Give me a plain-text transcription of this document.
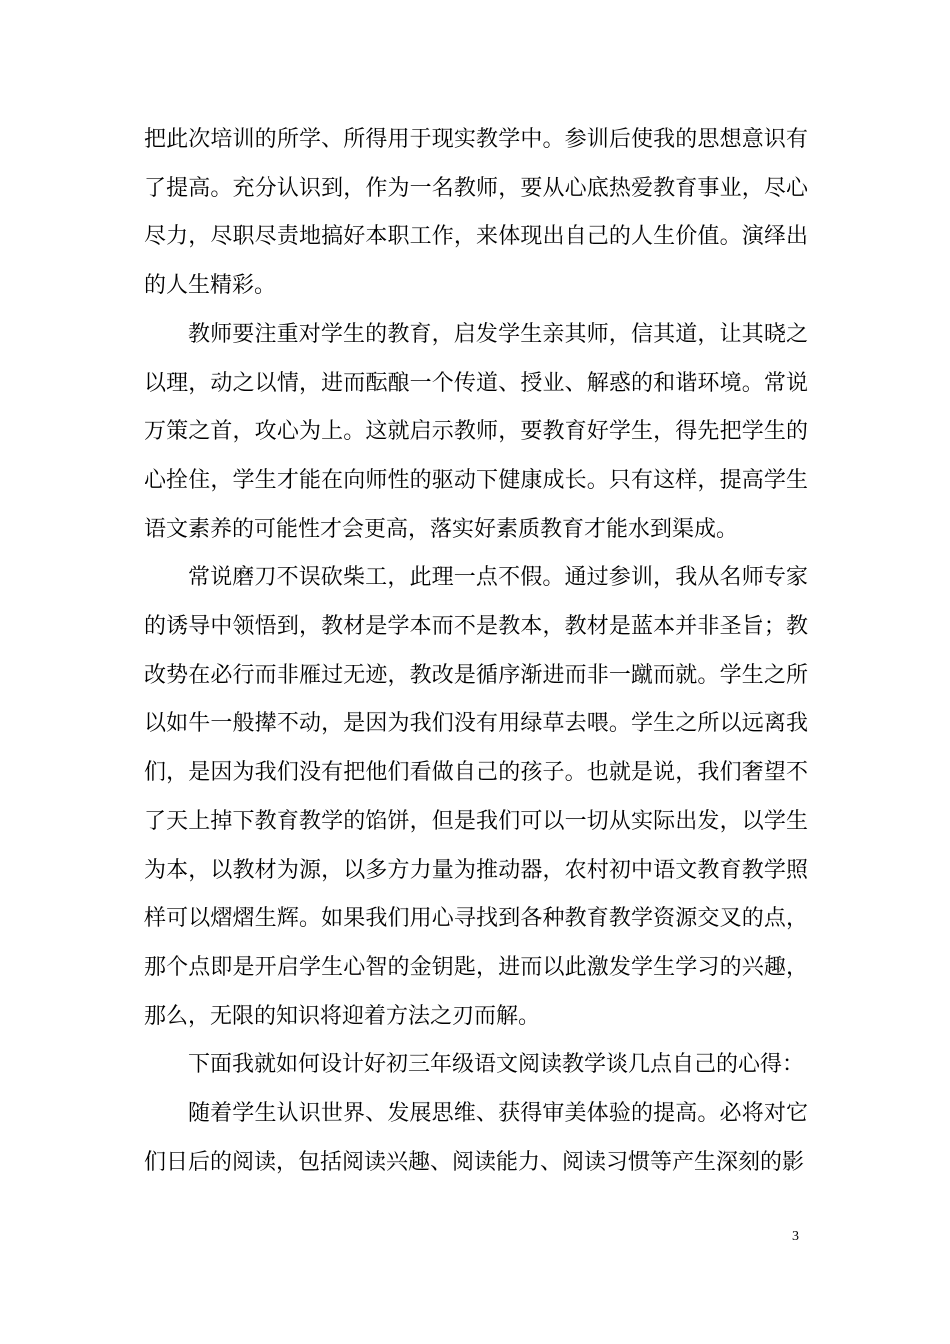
把此次培训的所学、所得用于现实教学中。参训后使我的思想意识有了提高。充分认识到，作为一名教师，要从心底热爱教育事业，尽心尽力，尽职尽责地搞好本职工作，来体现出自己的人生价值。演绎出的人生精彩。

教师要注重对学生的教育，启发学生亲其师，信其道，让其晓之以理，动之以情，进而酝酿一个传道、授业、解惑的和谐环境。常说万策之首，攻心为上。这就启示教师，要教育好学生，得先把学生的心拴住，学生才能在向师性的驱动下健康成长。只有这样，提高学生语文素养的可能性才会更高，落实好素质教育才能水到渠成。

常说磨刀不误砍柴工，此理一点不假。通过参训，我从名师专家的诱导中领悟到，教材是学本而不是教本，教材是蓝本并非圣旨；教改势在必行而非雁过无迹，教改是循序渐进而非一蹴而就。学生之所以如牛一般撵不动，是因为我们没有用绿草去喂。学生之所以远离我们，是因为我们没有把他们看做自己的孩子。也就是说，我们奢望不了天上掉下教育教学的馅饼，但是我们可以一切从实际出发，以学生为本，以教材为源，以多方力量为推动器，农村初中语文教育教学照样可以熠熠生辉。如果我们用心寻找到各种教育教学资源交叉的点，那个点即是开启学生心智的金钥匙，进而以此激发学生学习的兴趣，那么，无限的知识将迎着方法之刃而解。

下面我就如何设计好初三年级语文阅读教学谈几点自己的心得：

随着学生认识世界、发展思维、获得审美体验的提高。必将对它们日后的阅读，包括阅读兴趣、阅读能力、阅读习惯等产生深刻的影

3
